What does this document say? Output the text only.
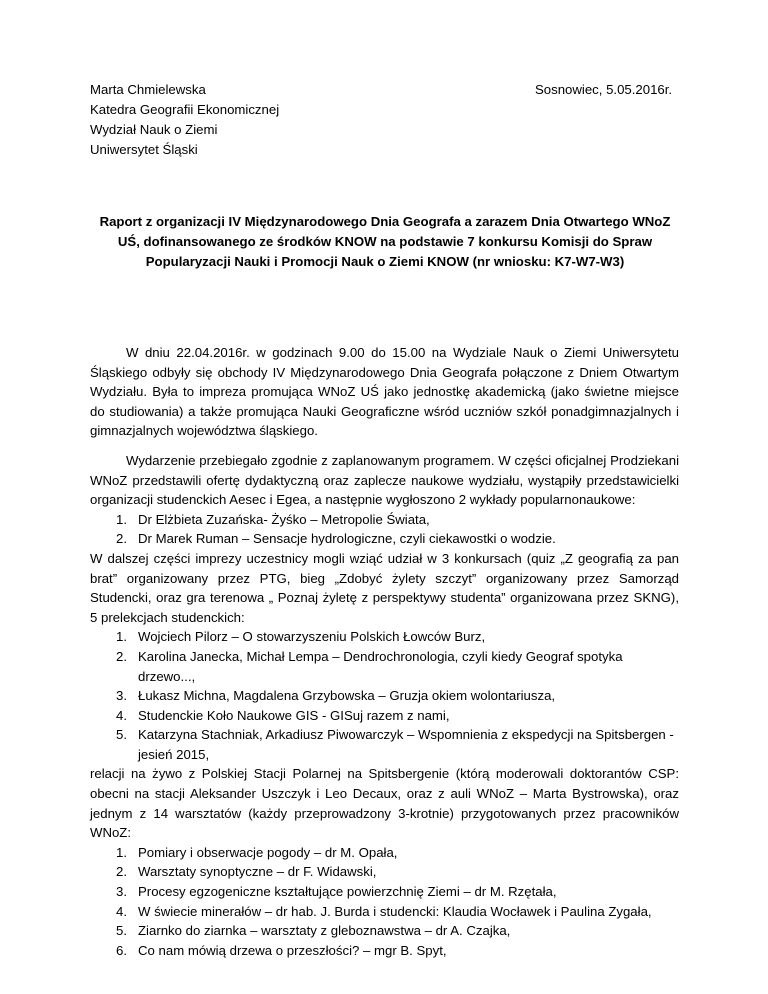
Marta Chmielewska
Katedra Geografii Ekonomicznej
Wydział Nauk o Ziemi
Uniwersytet Śląski
Sosnowiec, 5.05.2016r.
Raport z organizacji IV Międzynarodowego Dnia Geografa a zarazem Dnia Otwartego WNoZ UŚ, dofinansowanego ze środków KNOW na podstawie 7 konkursu Komisji do Spraw Popularyzacji Nauki i Promocji Nauk o Ziemi KNOW (nr wniosku: K7-W7-W3)

W dniu 22.04.2016r. w godzinach 9.00 do 15.00 na Wydziale Nauk o Ziemi Uniwersytetu Śląskiego odbyły się obchody IV Międzynarodowego Dnia Geografa połączone z Dniem Otwartym Wydziału. Była to impreza promująca WNoZ UŚ jako jednostkę akademicką (jako świetne miejsce do studiowania) a także promująca Nauki Geograficzne wśród uczniów szkół ponadgimnazjalnych i gimnazjalnych województwa śląskiego.

Wydarzenie przebiegało zgodnie z zaplanowanym programem. W części oficjalnej Prodziekani WNoZ przedstawili ofertę dydaktyczną oraz zaplecze naukowe wydziału, wystąpiły przedstawicielki organizacji studenckich Aesec i Egea, a następnie wygłoszono 2 wykłady popularnonaukowe:

1. Dr Elżbieta Zuzańska- Żyśko – Metropolie Świata,
2. Dr Marek Ruman – Sensacje hydrologiczne, czyli ciekawostki o wodzie.

W dalszej części imprezy uczestnicy mogli wziąć udział w 3 konkursach (quiz „Z geografią za pan brat” organizowany przez PTG, bieg „Zdobyć żylety szczyt” organizowany przez Samorząd Studencki, oraz gra terenowa „ Poznaj żyletę z perspektywy studenta” organizowana przez SKNG), 5 prelekcjach studenckich:

1. Wojciech Pilorz – O stowarzyszeniu Polskich Łowców Burz,
2. Karolina Janecka, Michał Lempa – Dendrochronologia, czyli kiedy Geograf spotyka drzewo...,
3. Łukasz Michna, Magdalena Grzybowska – Gruzja okiem wolontariusza,
4. Studenckie Koło Naukowe GIS - GISuj razem z nami,
5. Katarzyna Stachniak, Arkadiusz Piwowarczyk – Wspomnienia z ekspedycji na Spitsbergen - jesień 2015,

relacji na żywo z Polskiej Stacji Polarnej na Spitsbergenie (którą moderowali doktorantów CSP: obecni na stacji Aleksander Uszczyk i Leo Decaux, oraz z auli WNoZ – Marta Bystrowska), oraz jednym z 14 warsztatów (każdy przeprowadzony 3-krotnie) przygotowanych przez pracowników WNoZ:

1. Pomiary i obserwacje pogody – dr M. Opała,
2. Warsztaty synoptyczne – dr F. Widawski,
3. Procesy egzogeniczne kształtujące powierzchnię Ziemi – dr M. Rzętała,
4. W świecie minerałów – dr hab. J. Burda i studencki: Klaudia Wocławek i Paulina Zygała,
5. Ziarnko do ziarnka – warsztaty z gleboznawstwa – dr A. Czajka,
6. Co nam mówią drzewa o przeszłości? – mgr B. Spyt,
